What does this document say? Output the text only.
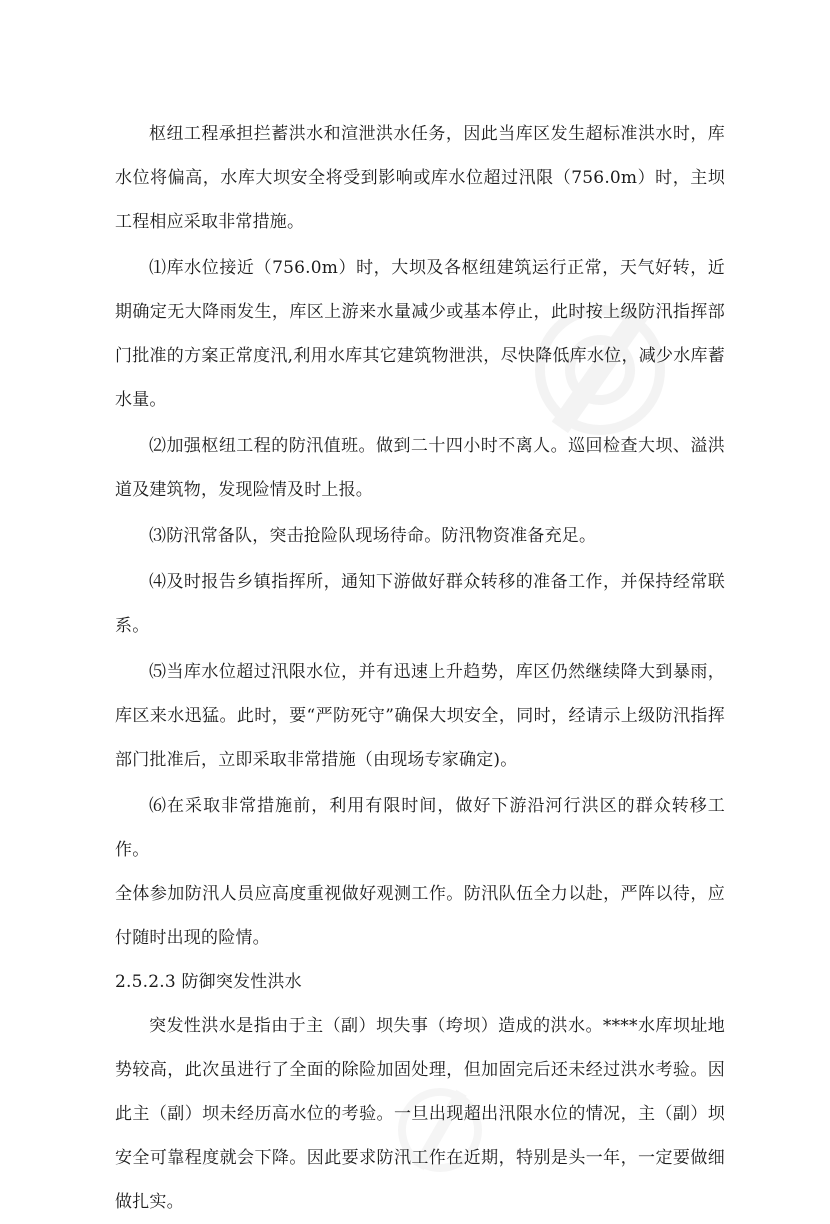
枢纽工程承担拦蓄洪水和渲泄洪水任务，因此当库区发生超标准洪水时，库水位将偏高，水库大坝安全将受到影响或库水位超过汛限（756.0m）时，主坝工程相应采取非常措施。

⑴库水位接近（756.0m）时，大坝及各枢纽建筑运行正常，天气好转，近期确定无大降雨发生，库区上游来水量减少或基本停止，此时按上级防汛指挥部门批准的方案正常度汛,利用水库其它建筑物泄洪，尽快降低库水位，减少水库蓄水量。

⑵加强枢纽工程的防汛值班。做到二十四小时不离人。巡回检查大坝、溢洪道及建筑物，发现险情及时上报。

⑶防汛常备队，突击抢险队现场待命。防汛物资准备充足。

⑷及时报告乡镇指挥所，通知下游做好群众转移的准备工作，并保持经常联系。

⑸当库水位超过汛限水位，并有迅速上升趋势，库区仍然继续降大到暴雨，库区来水迅猛。此时，要“严防死守”确保大坝安全，同时，经请示上级防汛指挥部门批准后，立即采取非常措施（由现场专家确定)。

⑹在采取非常措施前，利用有限时间，做好下游沿河行洪区的群众转移工作。

全体参加防汛人员应高度重视做好观测工作。防汛队伍全力以赴，严阵以待，应付随时出现的险情。

2.5.2.3 防御突发性洪水

突发性洪水是指由于主（副）坝失事（垮坝）造成的洪水。****水库坝址地势较高，此次虽进行了全面的除险加固处理，但加固完后还未经过洪水考验。因此主（副）坝未经历高水位的考验。一旦出现超出汛限水位的情况，主（副）坝安全可靠程度就会下降。因此要求防汛工作在近期，特别是头一年，一定要做细做扎实。
